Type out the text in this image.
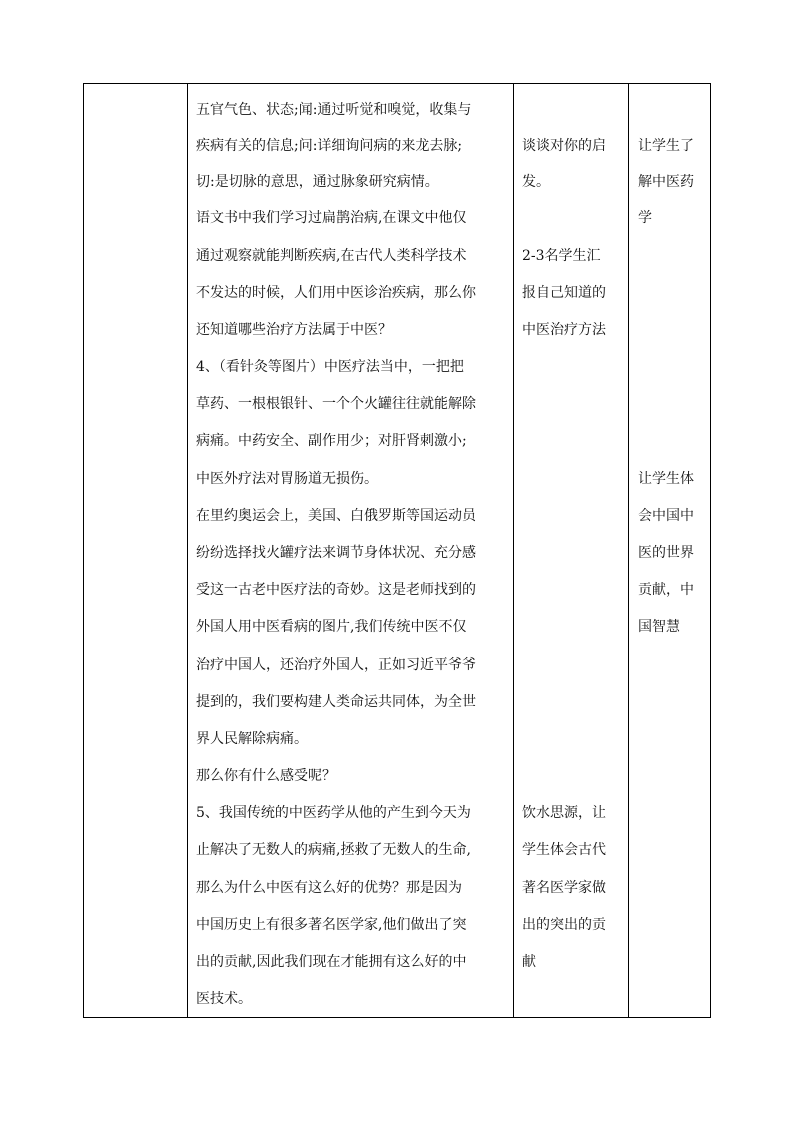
五官气色、状态;闻:通过听觉和嗅觉，收集与
疾病有关的信息;问:详细询问病的来龙去脉;
切:是切脉的意思，通过脉象研究病情。
语文书中我们学习过扁鹊治病,在课文中他仅
通过观察就能判断疾病,在古代人类科学技术
不发达的时候，人们用中医诊治疾病，那么你
还知道哪些治疗方法属于中医？
4、（看针灸等图片）中医疗法当中，一把把
草药、一根根银针、一个个火罐往往就能解除
病痛。中药安全、副作用少；对肝肾刺激小;
中医外疗法对胃肠道无损伤。
在里约奥运会上，美国、白俄罗斯等国运动员
纷纷选择找火罐疗法来调节身体状况、充分感
受这一古老中医疗法的奇妙。这是老师找到的
外国人用中医看病的图片,我们传统中医不仅
治疗中国人，还治疗外国人，正如习近平爷爷
提到的，我们要构建人类命运共同体，为全世
界人民解除病痛。
那么你有什么感受呢？
5、我国传统的中医药学从他的产生到今天为
止解决了无数人的病痛,拯救了无数人的生命,
那么为什么中医有这么好的优势？那是因为
中国历史上有很多著名医学家,他们做出了突
出的贡献,因此我们现在才能拥有这么好的中
医技术。
谈谈对你的启
发。
2-3名学生汇
报自己知道的
中医治疗方法
饮水思源，让
学生体会古代
著名医学家做
出的突出的贡
献
让学生了
解中医药
学
让学生体
会中国中
医的世界
贡献，中
国智慧
